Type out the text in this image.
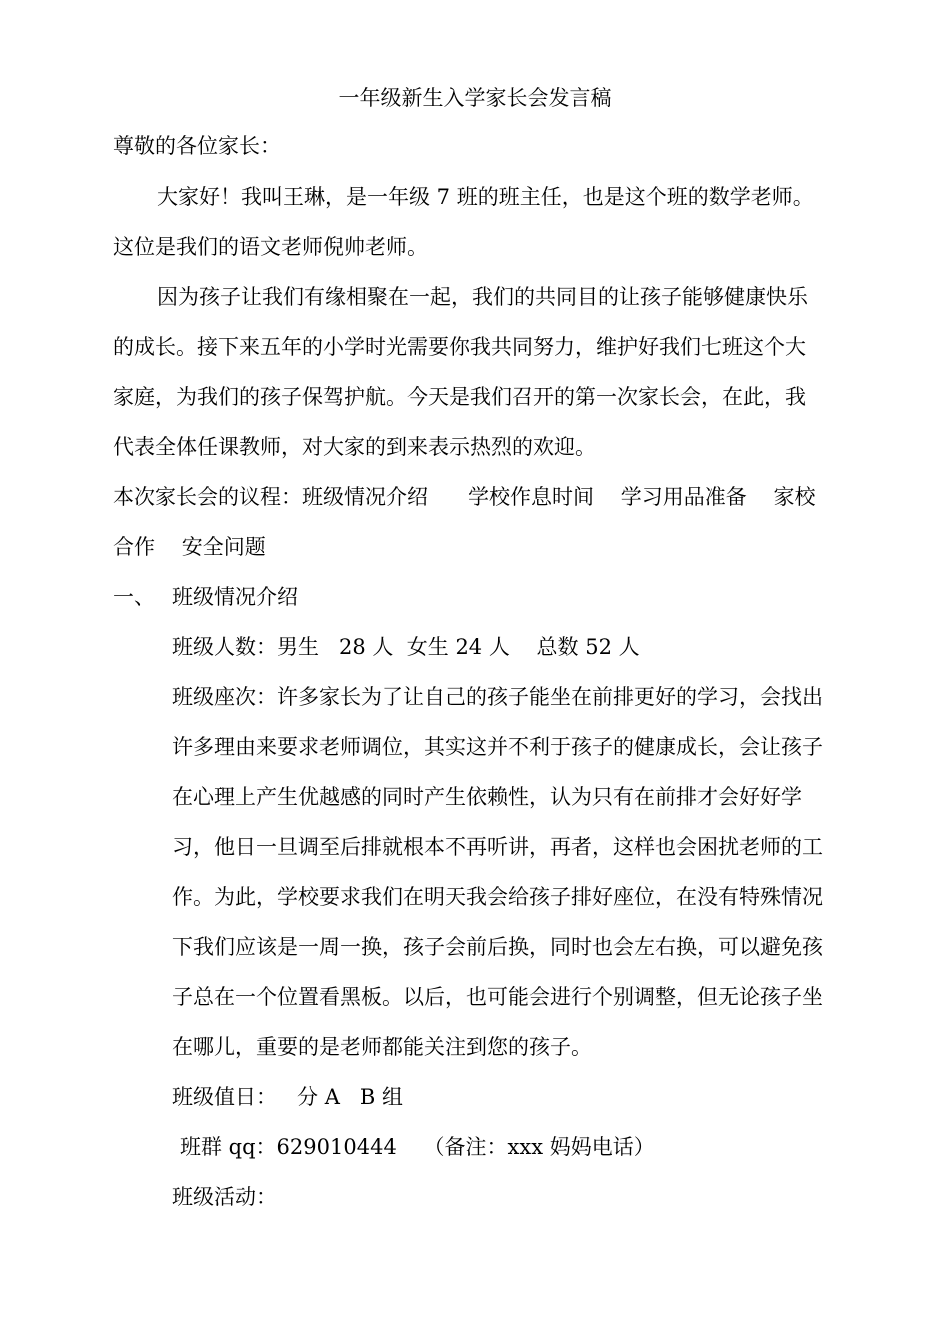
一年级新生入学家长会发言稿

尊敬的各位家长：

大家好！我叫王琳，是一年级 7 班的班主任，也是这个班的数学老师。

这位是我们的语文老师倪帅老师。

因为孩子让我们有缘相聚在一起，我们的共同目的让孩子能够健康快乐

的成长。接下来五年的小学时光需要你我共同努力，维护好我们七班这个大

家庭，为我们的孩子保驾护航。今天是我们召开的第一次家长会，在此，我

代表全体任课教师，对大家的到来表示热烈的欢迎。

本次家长会的议程：班级情况介绍      学校作息时间    学习用品准备    家校

合作    安全问题

一、 班级情况介绍

班级人数：男生   28 人  女生 24 人    总数 52 人

班级座次：许多家长为了让自己的孩子能坐在前排更好的学习，会找出

许多理由来要求老师调位，其实这并不利于孩子的健康成长，会让孩子

在心理上产生优越感的同时产生依赖性，认为只有在前排才会好好学

习，他日一旦调至后排就根本不再听讲，再者，这样也会困扰老师的工

作。为此，学校要求我们在明天我会给孩子排好座位，在没有特殊情况

下我们应该是一周一换，孩子会前后换，同时也会左右换，可以避免孩

子总在一个位置看黑板。以后，也可能会进行个别调整，但无论孩子坐

在哪儿，重要的是老师都能关注到您的孩子。

班级值日：   分 A   B 组

班群 qq：629010444    （备注：xxx 妈妈电话）

班级活动：
